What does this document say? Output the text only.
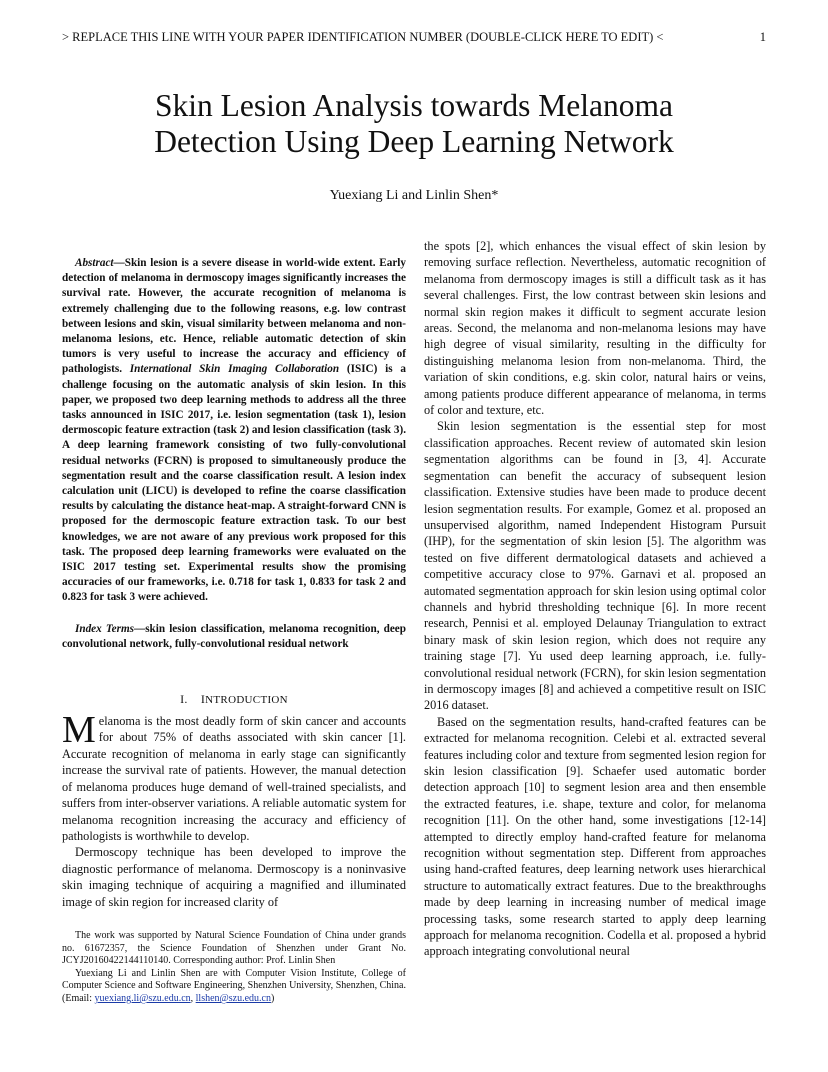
> REPLACE THIS LINE WITH YOUR PAPER IDENTIFICATION NUMBER (DOUBLE-CLICK HERE TO EDIT) <	1
Skin Lesion Analysis towards Melanoma
Detection Using Deep Learning Network
Yuexiang Li and Linlin Shen*

Abstract—Skin lesion is a severe disease in world-wide extent. Early detection of melanoma in dermoscopy images significantly increases the survival rate. However, the accurate recognition of melanoma is extremely challenging due to the following reasons, e.g. low contrast between lesions and skin, visual similarity between melanoma and non-melanoma lesions, etc. Hence, reliable automatic detection of skin tumors is very useful to increase the accuracy and efficiency of pathologists. International Skin Imaging Collaboration (ISIC) is a challenge focusing on the automatic analysis of skin lesion. In this paper, we proposed two deep learning methods to address all the three tasks announced in ISIC 2017, i.e. lesion segmentation (task 1), lesion dermoscopic feature extraction (task 2) and lesion classification (task 3). A deep learning framework consisting of two fully-convolutional residual networks (FCRN) is proposed to simultaneously produce the segmentation result and the coarse classification result. A lesion index calculation unit (LICU) is developed to refine the coarse classification results by calculating the distance heat-map. A straight-forward CNN is proposed for the dermoscopic feature extraction task. To our best knowledges, we are not aware of any previous work proposed for this task. The proposed deep learning frameworks were evaluated on the ISIC 2017 testing set. Experimental results show the promising accuracies of our frameworks, i.e. 0.718 for task 1, 0.833 for task 2 and 0.823 for task 3 were achieved.

Index Terms—skin lesion classification, melanoma recognition, deep convolutional network, fully-convolutional residual network

I. INTRODUCTION

Melanoma is the most deadly form of skin cancer and accounts for about 75% of deaths associated with skin cancer [1]. Accurate recognition of melanoma in early stage can significantly increase the survival rate of patients. However, the manual detection of melanoma produces huge demand of well-trained specialists, and suffers from inter-observer variations. A reliable automatic system for melanoma recognition increasing the accuracy and efficiency of pathologists is worthwhile to develop.

Dermoscopy technique has been developed to improve the diagnostic performance of melanoma. Dermoscopy is a noninvasive skin imaging technique of acquiring a magnified and illuminated image of skin region for increased clarity of

The work was supported by Natural Science Foundation of China under grands no. 61672357, the Science Foundation of Shenzhen under Grant No. JCYJ20160422144110140. Corresponding author: Prof. Linlin Shen

Yuexiang Li and Linlin Shen are with Computer Vision Institute, College of Computer Science and Software Engineering, Shenzhen University, Shenzhen, China. (Email: yuexiang.li@szu.edu.cn, llshen@szu.edu.cn)

the spots [2], which enhances the visual effect of skin lesion by removing surface reflection. Nevertheless, automatic recognition of melanoma from dermoscopy images is still a difficult task as it has several challenges. First, the low contrast between skin lesions and normal skin region makes it difficult to segment accurate lesion areas. Second, the melanoma and non-melanoma lesions may have high degree of visual similarity, resulting in the difficulty for distinguishing melanoma lesion from non-melanoma. Third, the variation of skin conditions, e.g. skin color, natural hairs or veins, among patients produce different appearance of melanoma, in terms of color and texture, etc.

Skin lesion segmentation is the essential step for most classification approaches. Recent review of automated skin lesion segmentation algorithms can be found in [3, 4]. Accurate segmentation can benefit the accuracy of subsequent lesion classification. Extensive studies have been made to produce decent lesion segmentation results. For example, Gomez et al. proposed an unsupervised algorithm, named Independent Histogram Pursuit (IHP), for the segmentation of skin lesion [5]. The algorithm was tested on five different dermatological datasets and achieved a competitive accuracy close to 97%. Garnavi et al. proposed an automated segmentation approach for skin lesion using optimal color channels and hybrid thresholding technique [6]. In more recent research, Pennisi et al. employed Delaunay Triangulation to extract binary mask of skin lesion region, which does not require any training stage [7]. Yu used deep learning approach, i.e. fully-convolutional residual network (FCRN), for skin lesion segmentation in dermoscopy images [8] and achieved a competitive result on ISIC 2016 dataset.

Based on the segmentation results, hand-crafted features can be extracted for melanoma recognition. Celebi et al. extracted several features including color and texture from segmented lesion region for skin lesion classification [9]. Schaefer used automatic border detection approach [10] to segment lesion area and then ensemble the extracted features, i.e. shape, texture and color, for melanoma recognition [11]. On the other hand, some investigations [12-14] attempted to directly employ hand-crafted feature for melanoma recognition without segmentation step. Different from approaches using hand-crafted features, deep learning network uses hierarchical structure to automatically extract features. Due to the breakthroughs made by deep learning in increasing number of medical image processing tasks, some research started to apply deep learning approach for melanoma recognition. Codella et al. proposed a hybrid approach integrating convolutional neural
